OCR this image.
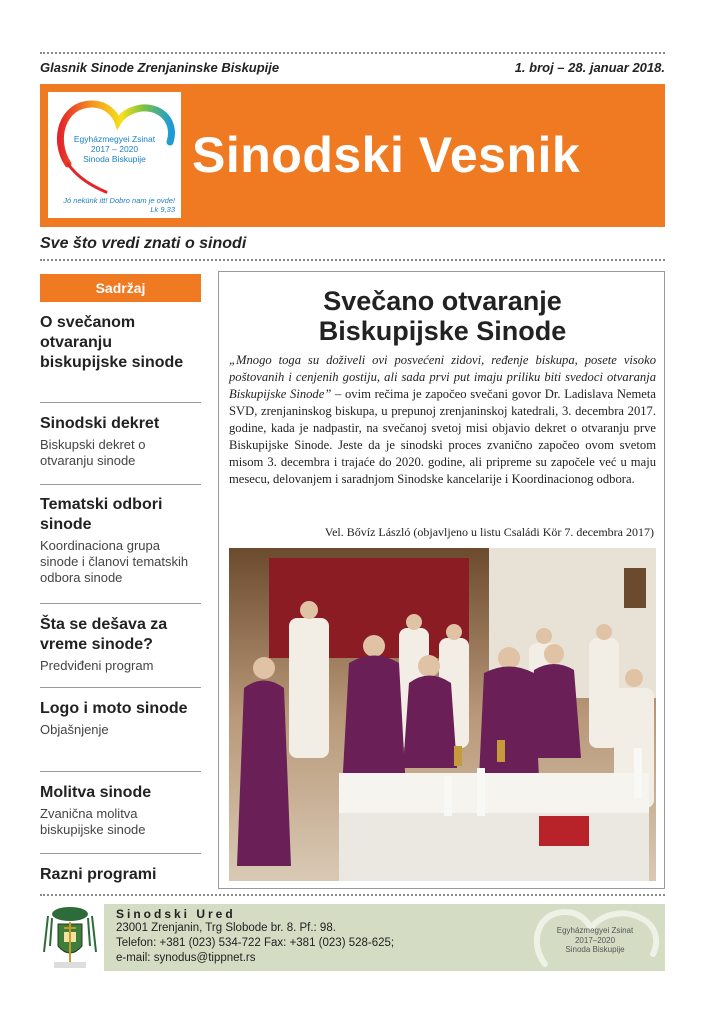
Glasnik Sinode Zrenjaninske Biskupije	1. broj – 28. januar 2018.
Egyházmegyei Zsinat
2017 – 2020
Sinoda Biskupije
Jó nekünk itt! Dobro nam je ovde!
Lk 9,33
Sinodski Vesnik
Sve što vredi znati o sinodi
Sadržaj
O svečanom otvaranju biskupijske sinode
Sinodski dekret
Biskupski dekret o otvaranju sinode
Tematski odbori sinode
Koordinaciona grupa sinode i članovi tematskih odbora sinode
Šta se dešava za vreme sinode?
Predviđeni program
Logo i moto sinode
Objašnjenje
Molitva sinode
Zvanična molitva biskupijske sinode
Razni programi
Svečano otvaranje
Biskupijske Sinode
„Mnogo toga su doživeli ovi posvećeni zidovi, ređenje biskupa, posete visoko poštovanih i cenjenih gostiju, ali sada prvi put imaju priliku biti svedoci otvaranja Biskupijske Sinode” – ovim rečima je započeo svečani govor Dr. Ladislava Nemeta SVD, zrenjaninskog biskupa, u prepunoj zrenjaninskoj katedrali, 3. decembra 2017. godine, kada je nadpastir, na svečanoj svetoj misi objavio dekret o otvaranju prve Biskupijske Sinode. Jeste da je sinodski proces zvanično započeo ovom svetom misom 3. decembra i trajaće do 2020. godine, ali pripreme su započele već u maju mesecu, delovanjem i saradnjom Sinodske kancelarije i Koordinacionog odbora.
Vel. Bővíz László (objavljeno u listu Családi Kör 7. decembra 2017)
Sinodski Ured
23001 Zrenjanin, Trg Slobode br. 8. Pf.: 98.
Telefon: +381 (023) 534-722 Fax: +381 (023) 528-625;
e-mail: synodus@tippnet.rs
Egyházmegyei Zsinat
2017–2020
Sinoda Biskupije
